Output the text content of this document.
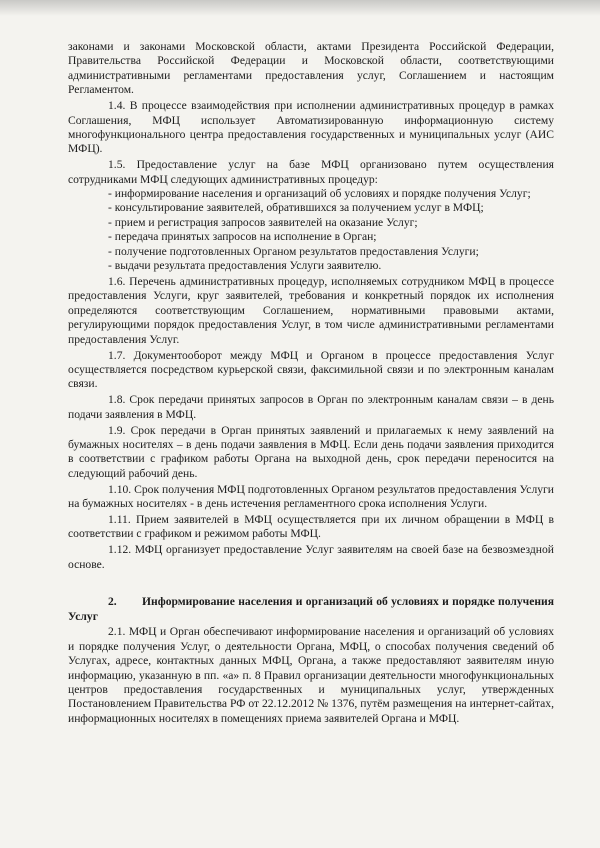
законами и законами Московской области, актами Президента Российской Федерации, Правительства Российской Федерации и Московской области, соответствующими административными регламентами предоставления услуг, Соглашением и настоящим Регламентом.

1.4. В процессе взаимодействия при исполнении административных процедур в рамках Соглашения, МФЦ использует Автоматизированную информационную систему многофункционального центра предоставления государственных и муниципальных услуг (АИС МФЦ).

1.5. Предоставление услуг на базе МФЦ организовано путем осуществления сотрудниками МФЦ следующих административных процедур:

- информирование населения и организаций об условиях и порядке получения Услуг;

- консультирование заявителей, обратившихся за получением услуг в МФЦ;

- прием и регистрация запросов заявителей на оказание Услуг;

- передача принятых запросов на исполнение в Орган;

- получение подготовленных Органом результатов предоставления Услуги;

- выдачи результата предоставления Услуги заявителю.

1.6. Перечень административных процедур, исполняемых сотрудником МФЦ в процессе предоставления Услуги, круг заявителей, требования и конкретный порядок их исполнения определяются соответствующим Соглашением, нормативными правовыми актами, регулирующими порядок предоставления Услуг, в том числе административными регламентами предоставления Услуг.

1.7. Документооборот между МФЦ и Органом в процессе предоставления Услуг осуществляется посредством курьерской связи, факсимильной связи и по электронным каналам связи.

1.8. Срок передачи принятых запросов в Орган по электронным каналам связи – в день подачи заявления в МФЦ.

1.9. Срок передачи в Орган принятых заявлений и прилагаемых к нему заявлений на бумажных носителях – в день подачи заявления в МФЦ. Если день подачи заявления приходится в соответствии с графиком работы Органа на выходной день, срок передачи переносится на следующий рабочий день.

1.10. Срок получения МФЦ подготовленных Органом результатов предоставления Услуги на бумажных носителях - в день истечения регламентного срока исполнения Услуги.

1.11. Прием заявителей в МФЦ осуществляется при их личном обращении в МФЦ в соответствии с графиком и режимом работы МФЦ.

1.12. МФЦ организует предоставление Услуг заявителям на своей базе на безвозмездной основе.

2. Информирование населения и организаций об условиях и порядке получения Услуг

2.1. МФЦ и Орган обеспечивают информирование населения и организаций об условиях и порядке получения Услуг, о деятельности Органа, МФЦ, о способах получения сведений об Услугах, адресе, контактных данных МФЦ, Органа, а также предоставляют заявителям иную информацию, указанную в пп. «а» п. 8 Правил организации деятельности многофункциональных центров предоставления государственных и муниципальных услуг, утвержденных Постановлением Правительства РФ от 22.12.2012 № 1376, путём размещения на интернет-сайтах, информационных носителях в помещениях приема заявителей Органа и МФЦ.
